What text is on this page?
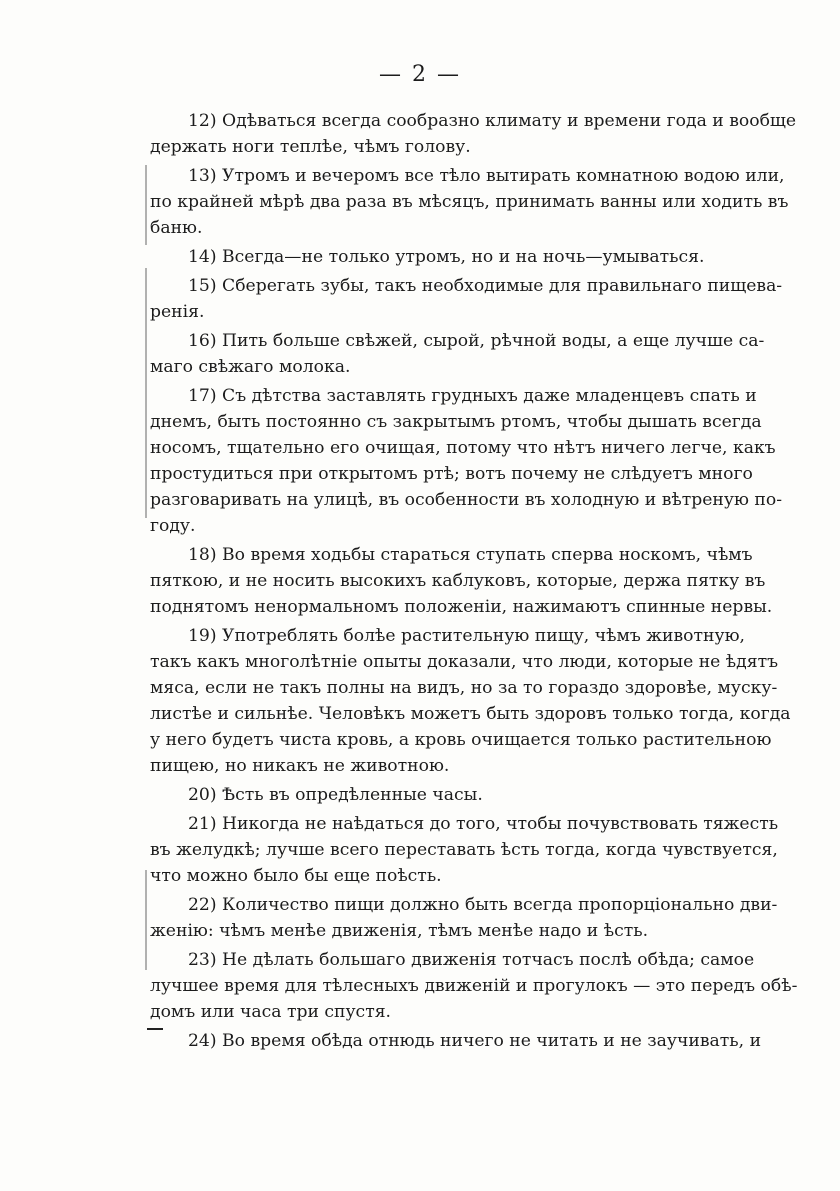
— 2 —
12) Одѣваться всегда сообразно климату и времени года и вообще
держать ноги теплѣе, чѣмъ голову.
13) Утромъ и вечеромъ все тѣло вытирать комнатною водою или,
по крайней мѣрѣ два раза въ мѣсяцъ, принимать ванны или ходить въ
баню.
14) Всегда—не только утромъ, но и на ночь—умываться.
15) Сберегать зубы, такъ необходимые для правильнаго пищева-
ренія.
16) Пить больше свѣжей, сырой, рѣчной воды, а еще лучше са-
маго свѣжаго молока.
17) Съ дѣтства заставлять грудныхъ даже младенцевъ спать и
днемъ, быть постоянно съ закрытымъ ртомъ, чтобы дышать всегда
носомъ, тщательно его очищая, потому что нѣтъ ничего легче, какъ
простудиться при открытомъ ртѣ; вотъ почему не слѣдуетъ много
разговаривать на улицѣ, въ особенности въ холодную и вѣтреную по-
году.
18) Во время ходьбы стараться ступать сперва носкомъ, чѣмъ
пяткою, и не носить высокихъ каблуковъ, которые, держа пятку въ
поднятомъ ненормальномъ положеніи, нажимаютъ спинные нервы.
19) Употреблять болѣе растительную пищу, чѣмъ животную,
такъ какъ многолѣтніе опыты доказали, что люди, которые не ѣдятъ
мяса, если не такъ полны на видъ, но за то гораздо здоровѣе, муску-
листѣе и сильнѣе. Человѣкъ можетъ быть здоровъ только тогда, когда
у него будетъ чиста кровь, а кровь очищается только растительною
пищею, но никакъ не животною.
20) Ѣсть въ опредѣленные часы.
21) Никогда не наѣдаться до того, чтобы почувствовать тяжесть
въ желудкѣ; лучше всего переставать ѣсть тогда, когда чувствуется,
что можно было бы еще поѣсть.
22) Количество пищи должно быть всегда пропорціонально дви-
женію: чѣмъ менѣе движенія, тѣмъ менѣе надо и ѣсть.
23) Не дѣлать большаго движенія тотчасъ послѣ обѣда; самое
лучшее время для тѣлесныхъ движеній и прогулокъ — это передъ обѣ-
домъ или часа три спустя.
24) Во время обѣда отнюдь ничего не читать и не заучивать, и
